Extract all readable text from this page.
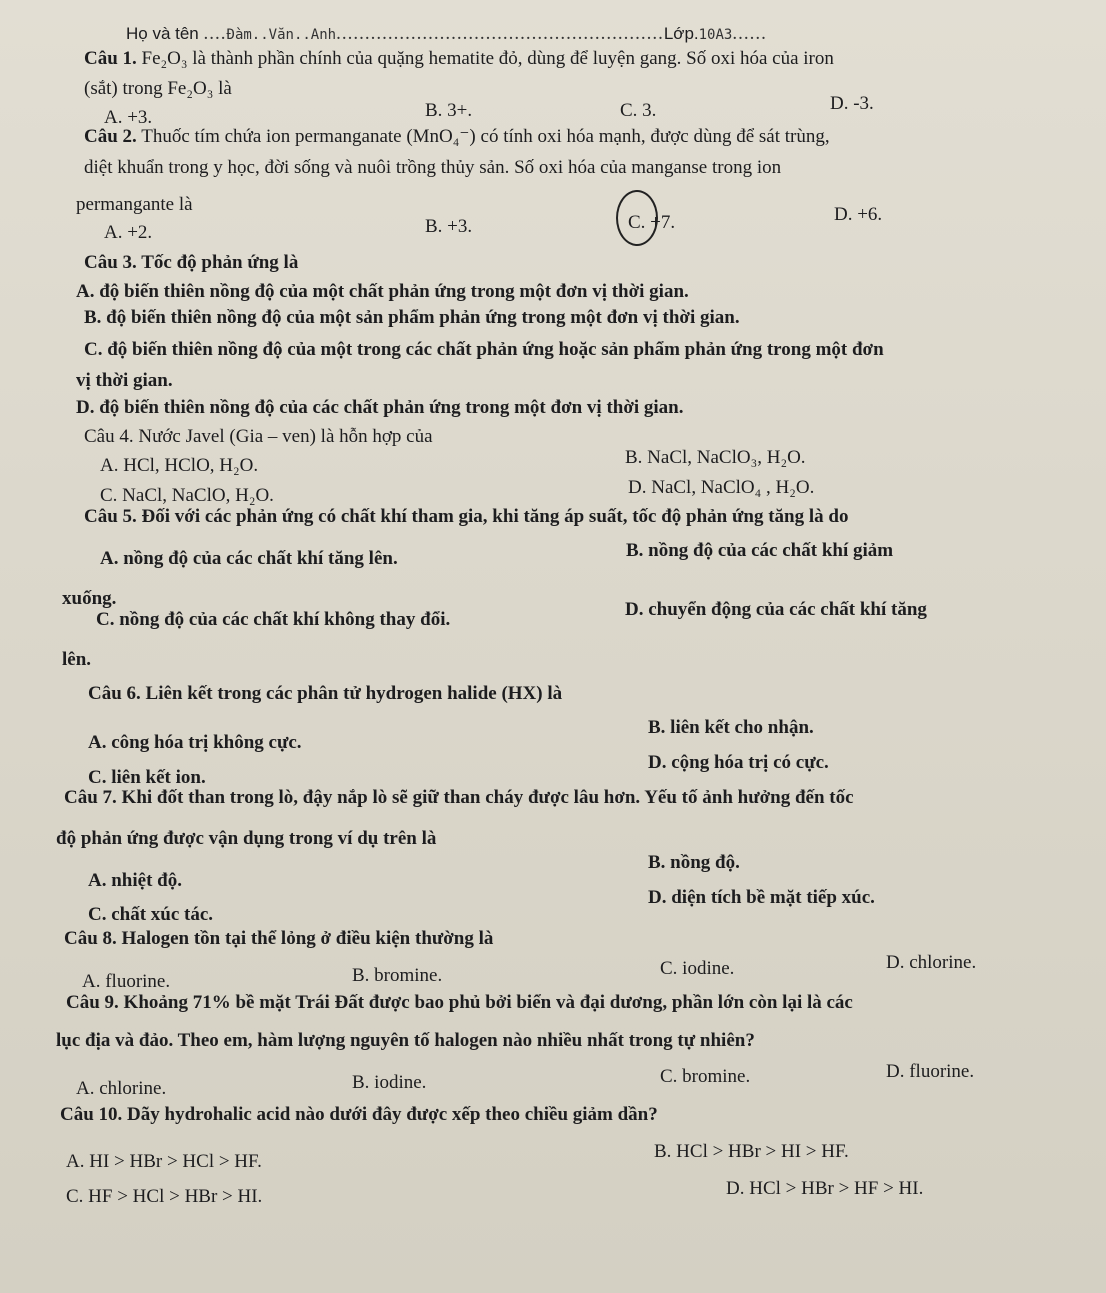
Họ và tên ....Đàm..Văn..Anh.........................................................Lớp.10A3......
Câu 1. Fe₂O₃ là thành phần chính của quặng hematite đỏ, dùng để luyện gang. Số oxi hóa của iron
(sắt) trong Fe₂O₃ là
A. +3.	B. 3+.	C. 3.	D. -3.
Câu 2. Thuốc tím chứa ion permanganate (MnO₄⁻) có tính oxi hóa mạnh, được dùng để sát trùng,
diệt khuẩn trong y học, đời sống và nuôi trồng thủy sản. Số oxi hóa của manganse trong ion
permangante là
A. +2.	B. +3.	C. +7.	D. +6.
Câu 3. Tốc độ phản ứng là
A. độ biến thiên nồng độ của một chất phản ứng trong một đơn vị thời gian.
B. độ biến thiên nồng độ của một sản phẩm phản ứng trong một đơn vị thời gian.
C. độ biến thiên nồng độ của một trong các chất phản ứng hoặc sản phẩm phản ứng trong một đơn
vị thời gian.
D. độ biến thiên nồng độ của các chất phản ứng trong một đơn vị thời gian.
Câu 4. Nước Javel (Gia – ven) là hỗn hợp của
A. HCl, HClO, H₂O.	B. NaCl, NaClO₃, H₂O.
C. NaCl, NaClO, H₂O.	D. NaCl, NaClO₄ , H₂O.
Câu 5. Đối với các phản ứng có chất khí tham gia, khi tăng áp suất, tốc độ phản ứng tăng là do
A. nồng độ của các chất khí tăng lên.	B. nồng độ của các chất khí giảm
xuống.
C. nồng độ của các chất khí không thay đổi.	D. chuyển động của các chất khí tăng
lên.
Câu 6. Liên kết trong các phân tử hydrogen halide (HX) là
A. công hóa trị không cực.
B. liên kết cho nhận.
C. liên kết ion.
D. cộng hóa trị có cực.
Câu 7. Khi đốt than trong lò, đậy nắp lò sẽ giữ than cháy được lâu hơn. Yếu tố ảnh hưởng đến tốc
độ phản ứng được vận dụng trong ví dụ trên là
A. nhiệt độ.
B. nồng độ.
C. chất xúc tác.
D. diện tích bề mặt tiếp xúc.
Câu 8. Halogen tồn tại thể lỏng ở điều kiện thường là
A. fluorine.	B. bromine.	C. iodine.	D. chlorine.
Câu 9. Khoảng 71% bề mặt Trái Đất được bao phủ bởi biển và đại dương, phần lớn còn lại là các
lục địa và đảo. Theo em, hàm lượng nguyên tố halogen nào nhiều nhất trong tự nhiên?
A. chlorine.	B. iodine.	C. bromine.	D. fluorine.
Câu 10. Dãy hydrohalic acid nào dưới đây được xếp theo chiều giảm dần?
A. HI > HBr > HCl > HF.	B. HCl > HBr > HI > HF.
C. HF > HCl > HBr > HI.	D. HCl > HBr > HF > HI.
